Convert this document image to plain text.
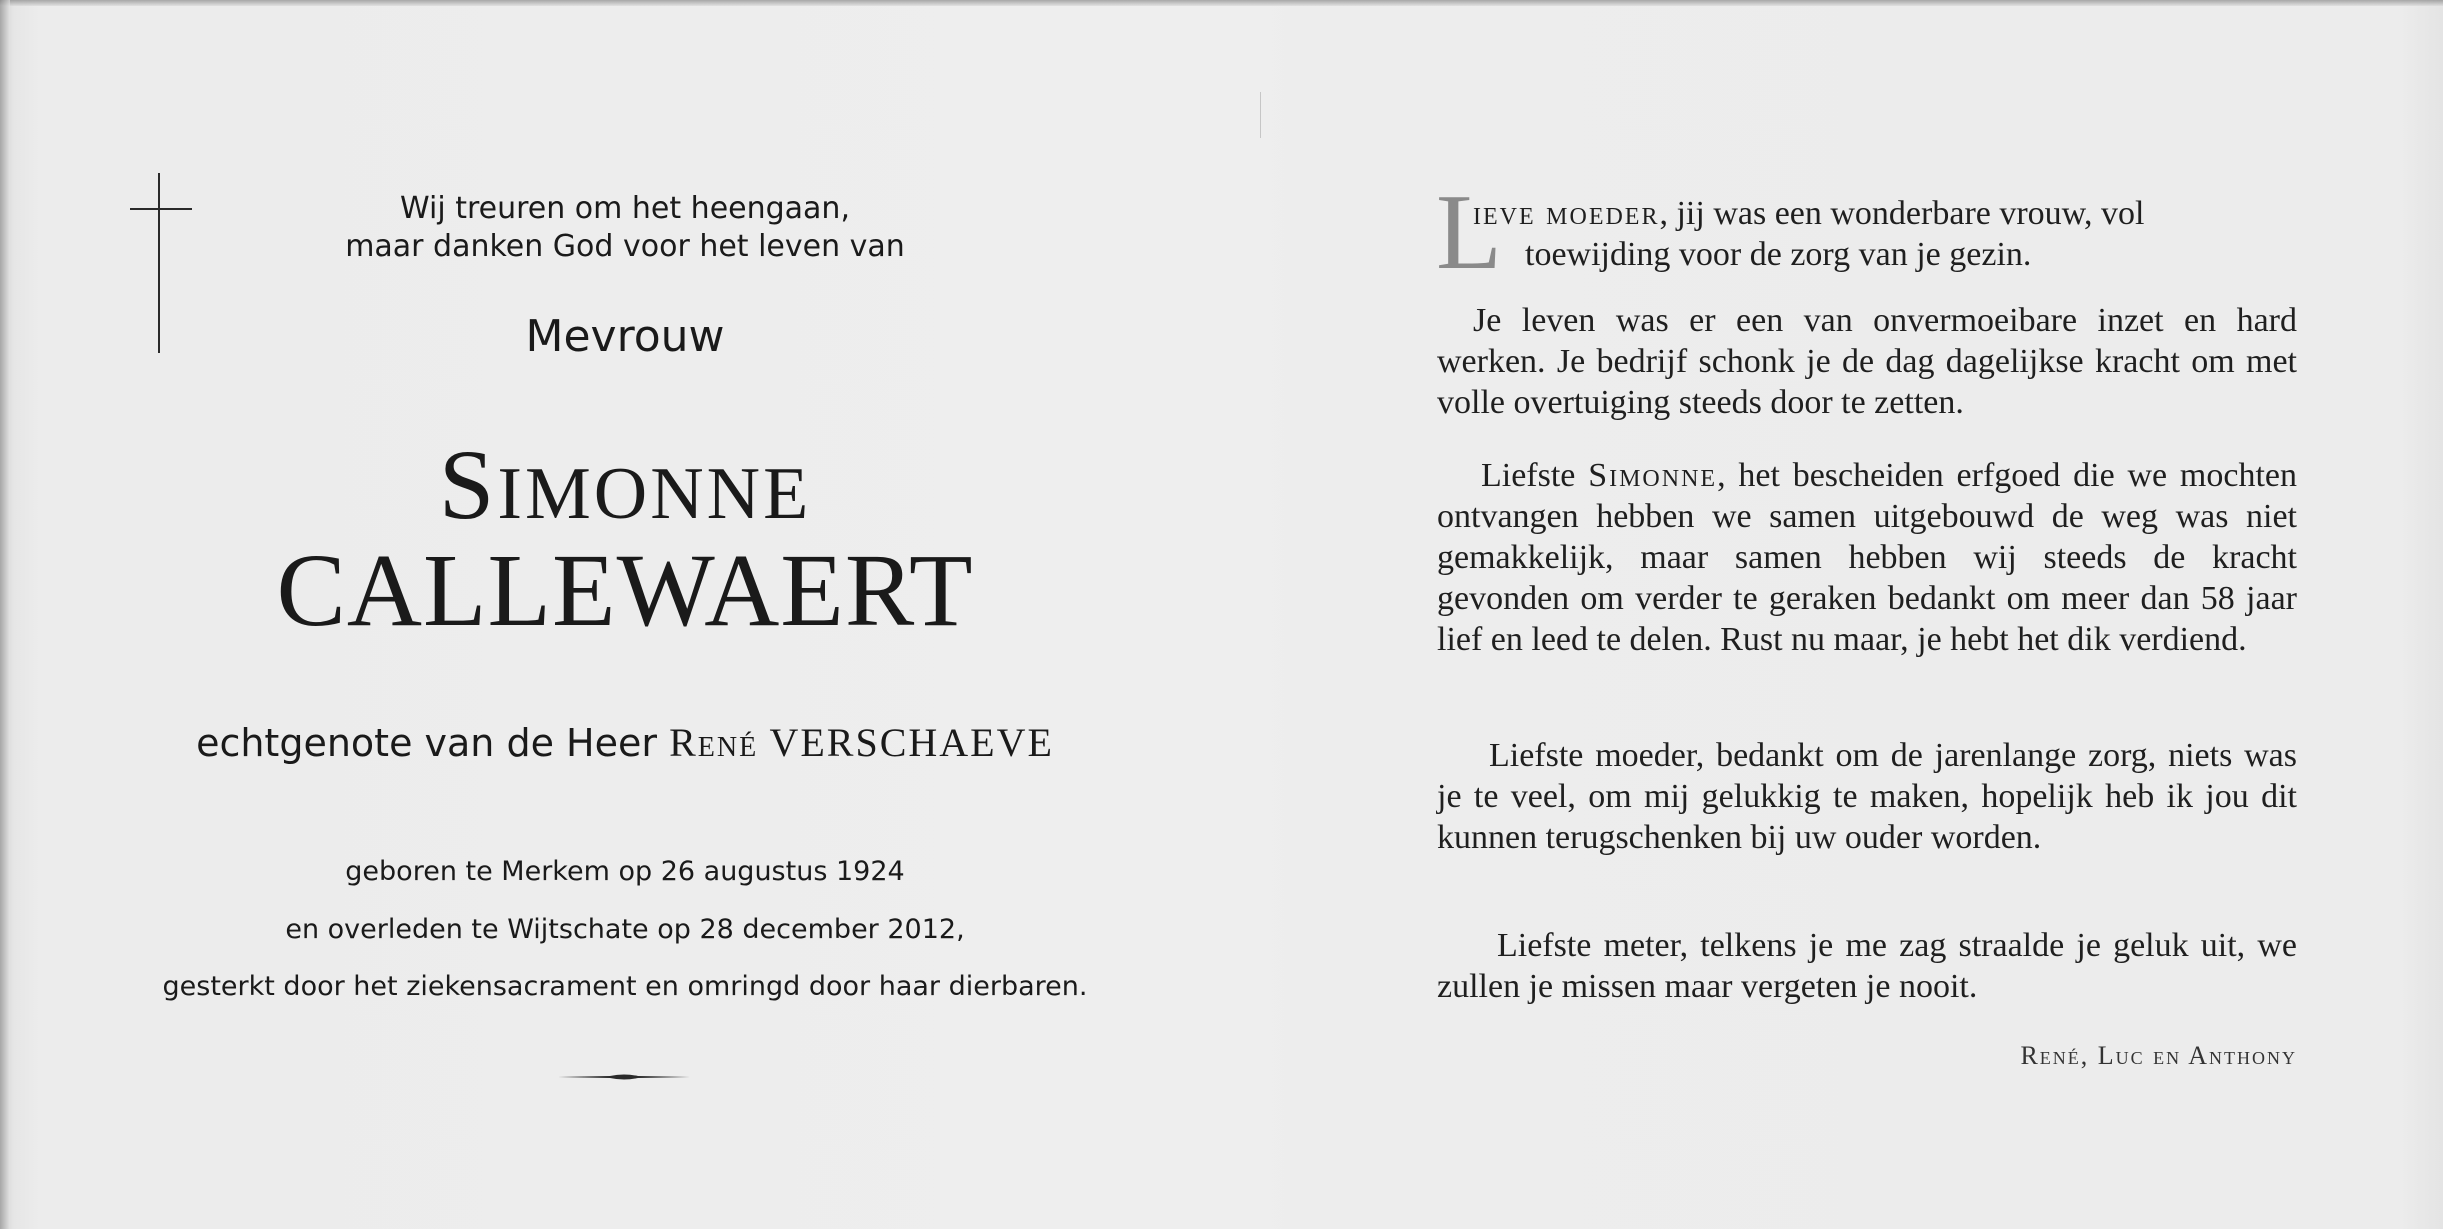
Wij treuren om het heengaan,
maar danken God voor het leven van
Mevrouw
SIMONNE
CALLEWAERT
echtgenote van de Heer René VERSCHAEVE
geboren te Merkem op 26 augustus 1924
en overleden te Wijtschate op 28 december 2012,
gesterkt door het ziekensacrament en omringd door haar dierbaren.
L

ieve moeder, jij was een wonderbare vrouw, vol
toewijding voor de zorg van je gezin.

Je leven was er een van onvermoeibare inzet en hard werken. Je bedrijf schonk je de dag dagelijkse kracht om met volle overtuiging steeds door te zetten.

Liefste Simonne, het bescheiden erfgoed die we mochten ontvangen hebben we samen uitgebouwd de weg was niet gemakkelijk, maar samen hebben wij steeds de kracht gevonden om verder te geraken bedankt om meer dan 58 jaar lief en leed te delen. Rust nu maar, je hebt het dik verdiend.

Liefste moeder, bedankt om de jarenlange zorg, niets was je te veel, om mij gelukkig te maken, hopelijk heb ik jou dit kunnen terugschenken bij uw ouder worden.

Liefste meter, telkens je me zag straalde je geluk uit, we zullen je missen maar vergeten je nooit.

René, Luc en Anthony
